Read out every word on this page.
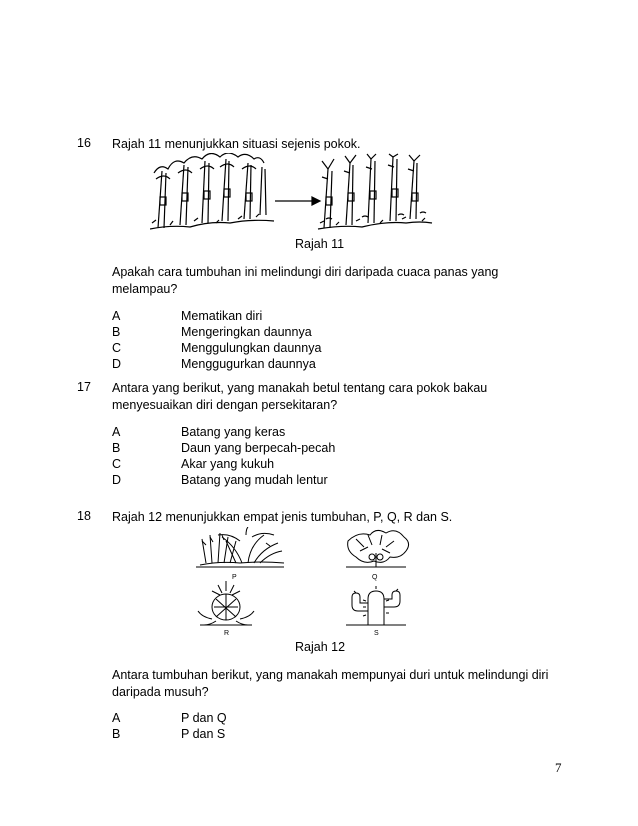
16 Rajah 11 menunjukkan situasi sejenis pokok.
Rajah 11
Apakah cara tumbuhan ini melindungi diri daripada cuaca panas yang
melampau?
A	Mematikan diri
B	Mengeringkan daunnya
C	Menggulungkan daunnya
D	Menggugurkan daunnya
17 Antara yang berikut, yang manakah betul tentang cara pokok bakau
menyesuaikan diri dengan persekitaran?
A	Batang yang keras
B	Daun yang berpecah-pecah
C	Akar yang kukuh
D	Batang yang mudah lentur
18 Rajah 12 menunjukkan empat jenis tumbuhan, P, Q, R dan S.
P	Q
R	S
Rajah 12
Antara tumbuhan berikut, yang manakah mempunyai duri untuk melindungi diri
daripada musuh?
A	P dan Q
B	P dan S
7
